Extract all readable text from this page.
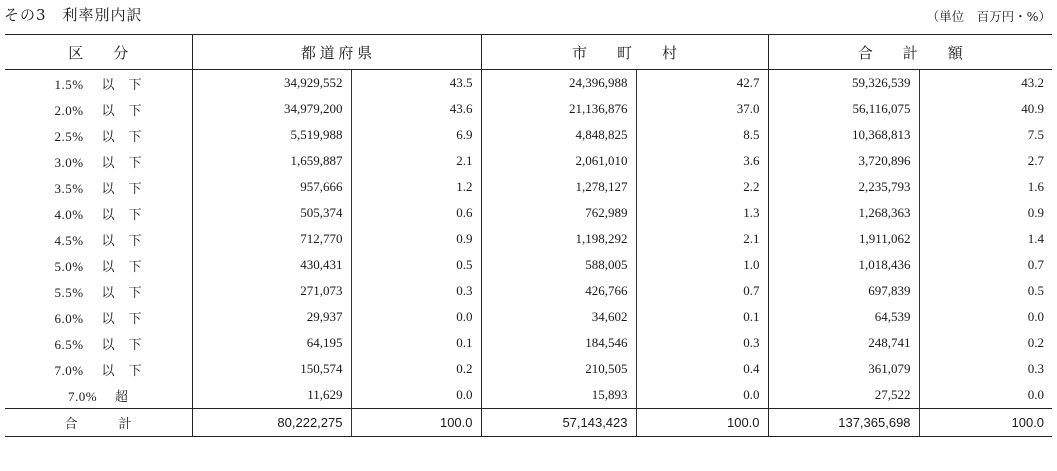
その3　利率別内訳	（単位　百万円・%）
区　　分	都 道 府 県		市　　町　　村		合　　計　　額	
1.5% 以　下	34,929,552	43.5	24,396,988	42.7	59,326,539	43.2
2.0% 以　下	34,979,200	43.6	21,136,876	37.0	56,116,075	40.9
2.5% 以　下	5,519,988	6.9	4,848,825	8.5	10,368,813	7.5
3.0% 以　下	1,659,887	2.1	2,061,010	3.6	3,720,896	2.7
3.5% 以　下	957,666	1.2	1,278,127	2.2	2,235,793	1.6
4.0% 以　下	505,374	0.6	762,989	1.3	1,268,363	0.9
4.5% 以　下	712,770	0.9	1,198,292	2.1	1,911,062	1.4
5.0% 以　下	430,431	0.5	588,005	1.0	1,018,436	0.7
5.5% 以　下	271,073	0.3	426,766	0.7	697,839	0.5
6.0% 以　下	29,937	0.0	34,602	0.1	64,539	0.0
6.5% 以　下	64,195	0.1	184,546	0.3	248,741	0.2
7.0% 以　下	150,574	0.2	210,505	0.4	361,079	0.3
7.0% 超	11,629	0.0	15,893	0.0	27,522	0.0
合　　　計	80,222,275	100.0	57,143,423	100.0	137,365,698	100.0
